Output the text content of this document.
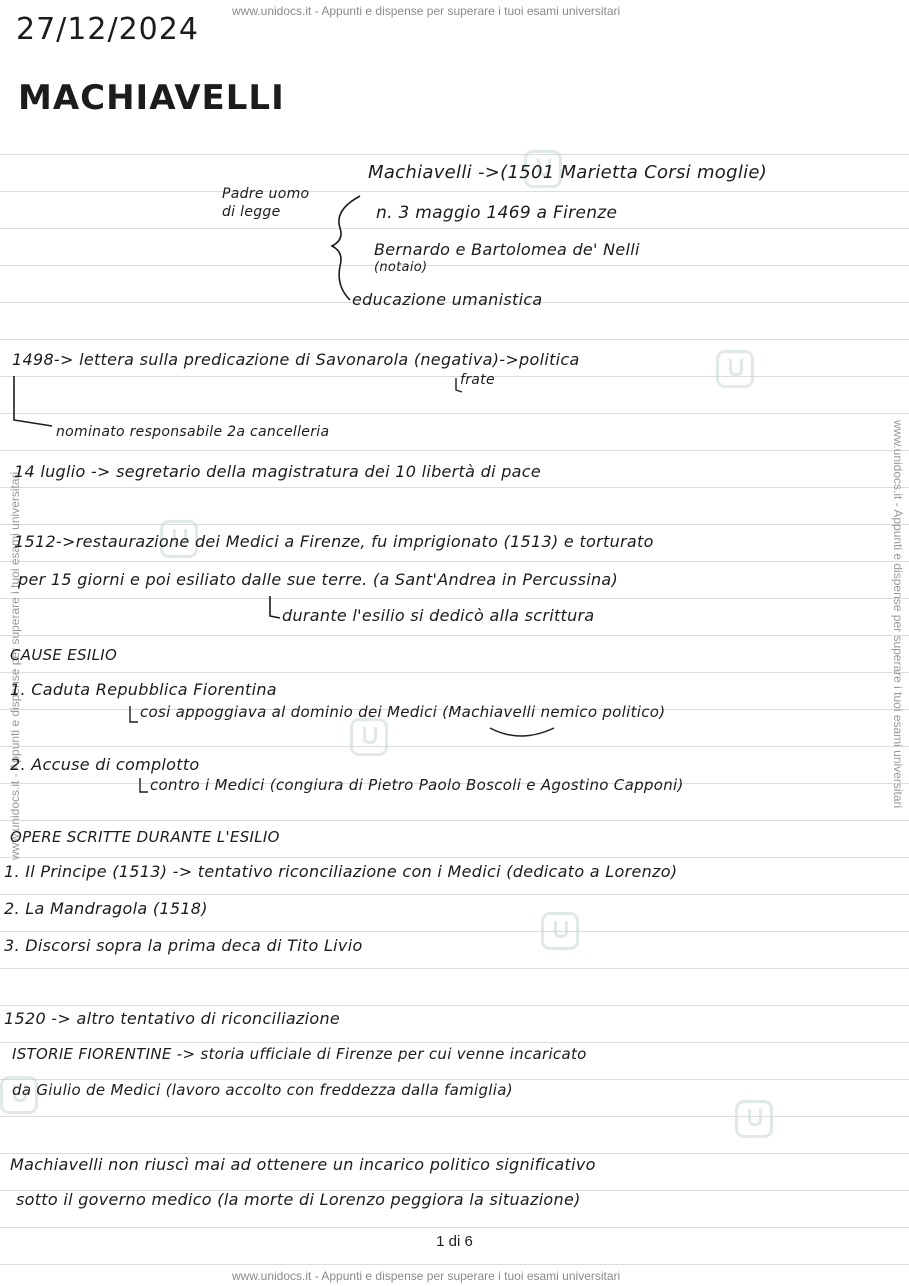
www.unidocs.it - Appunti e dispense per superare i tuoi esami universitari
www.unidocs.it - Appunti e dispense per superare i tuoi esami universitari
www.unidocs.it - Appunti e dispense per superare i tuoi esami universitari	www.unidocs.it - Appunti e dispense per superare i tuoi esami universitari
27/12/2024
MACHIAVELLI
Padre uomo
di legge
Machiavelli ->(1501 Marietta Corsi moglie)
n. 3 maggio 1469 a Firenze
Bernardo e Bartolomea de' Nelli
(notaio)
educazione umanistica
1498-> lettera sulla predicazione di Savonarola (negativa)->politica
frate
nominato responsabile 2a cancelleria
14 luglio -> segretario della magistratura dei 10 libertà di pace
1512->restaurazione dei Medici a Firenze, fu imprigionato (1513) e torturato
per 15 giorni e poi esiliato dalle sue terre. (a Sant'Andrea in Percussina)
durante l'esilio si dedicò alla scrittura
CAUSE ESILIO
1. Caduta Repubblica Fiorentina
cosi appoggiava al dominio dei Medici (Machiavelli nemico politico)
2. Accuse di complotto
contro i Medici (congiura di Pietro Paolo Boscoli e Agostino Capponi)
OPERE SCRITTE DURANTE L'ESILIO
1. Il Principe (1513) -> tentativo riconciliazione con i Medici (dedicato a Lorenzo)
2. La Mandragola (1518)
3. Discorsi sopra la prima deca di Tito Livio
1520 -> altro tentativo di riconciliazione
ISTORIE FIORENTINE -> storia ufficiale di Firenze per cui venne incaricato
da Giulio de Medici (lavoro accolto con freddezza dalla famiglia)
Machiavelli non riuscì mai ad ottenere un incarico politico significativo
sotto il governo medico (la morte di Lorenzo peggiora la situazione)
1 di 6
